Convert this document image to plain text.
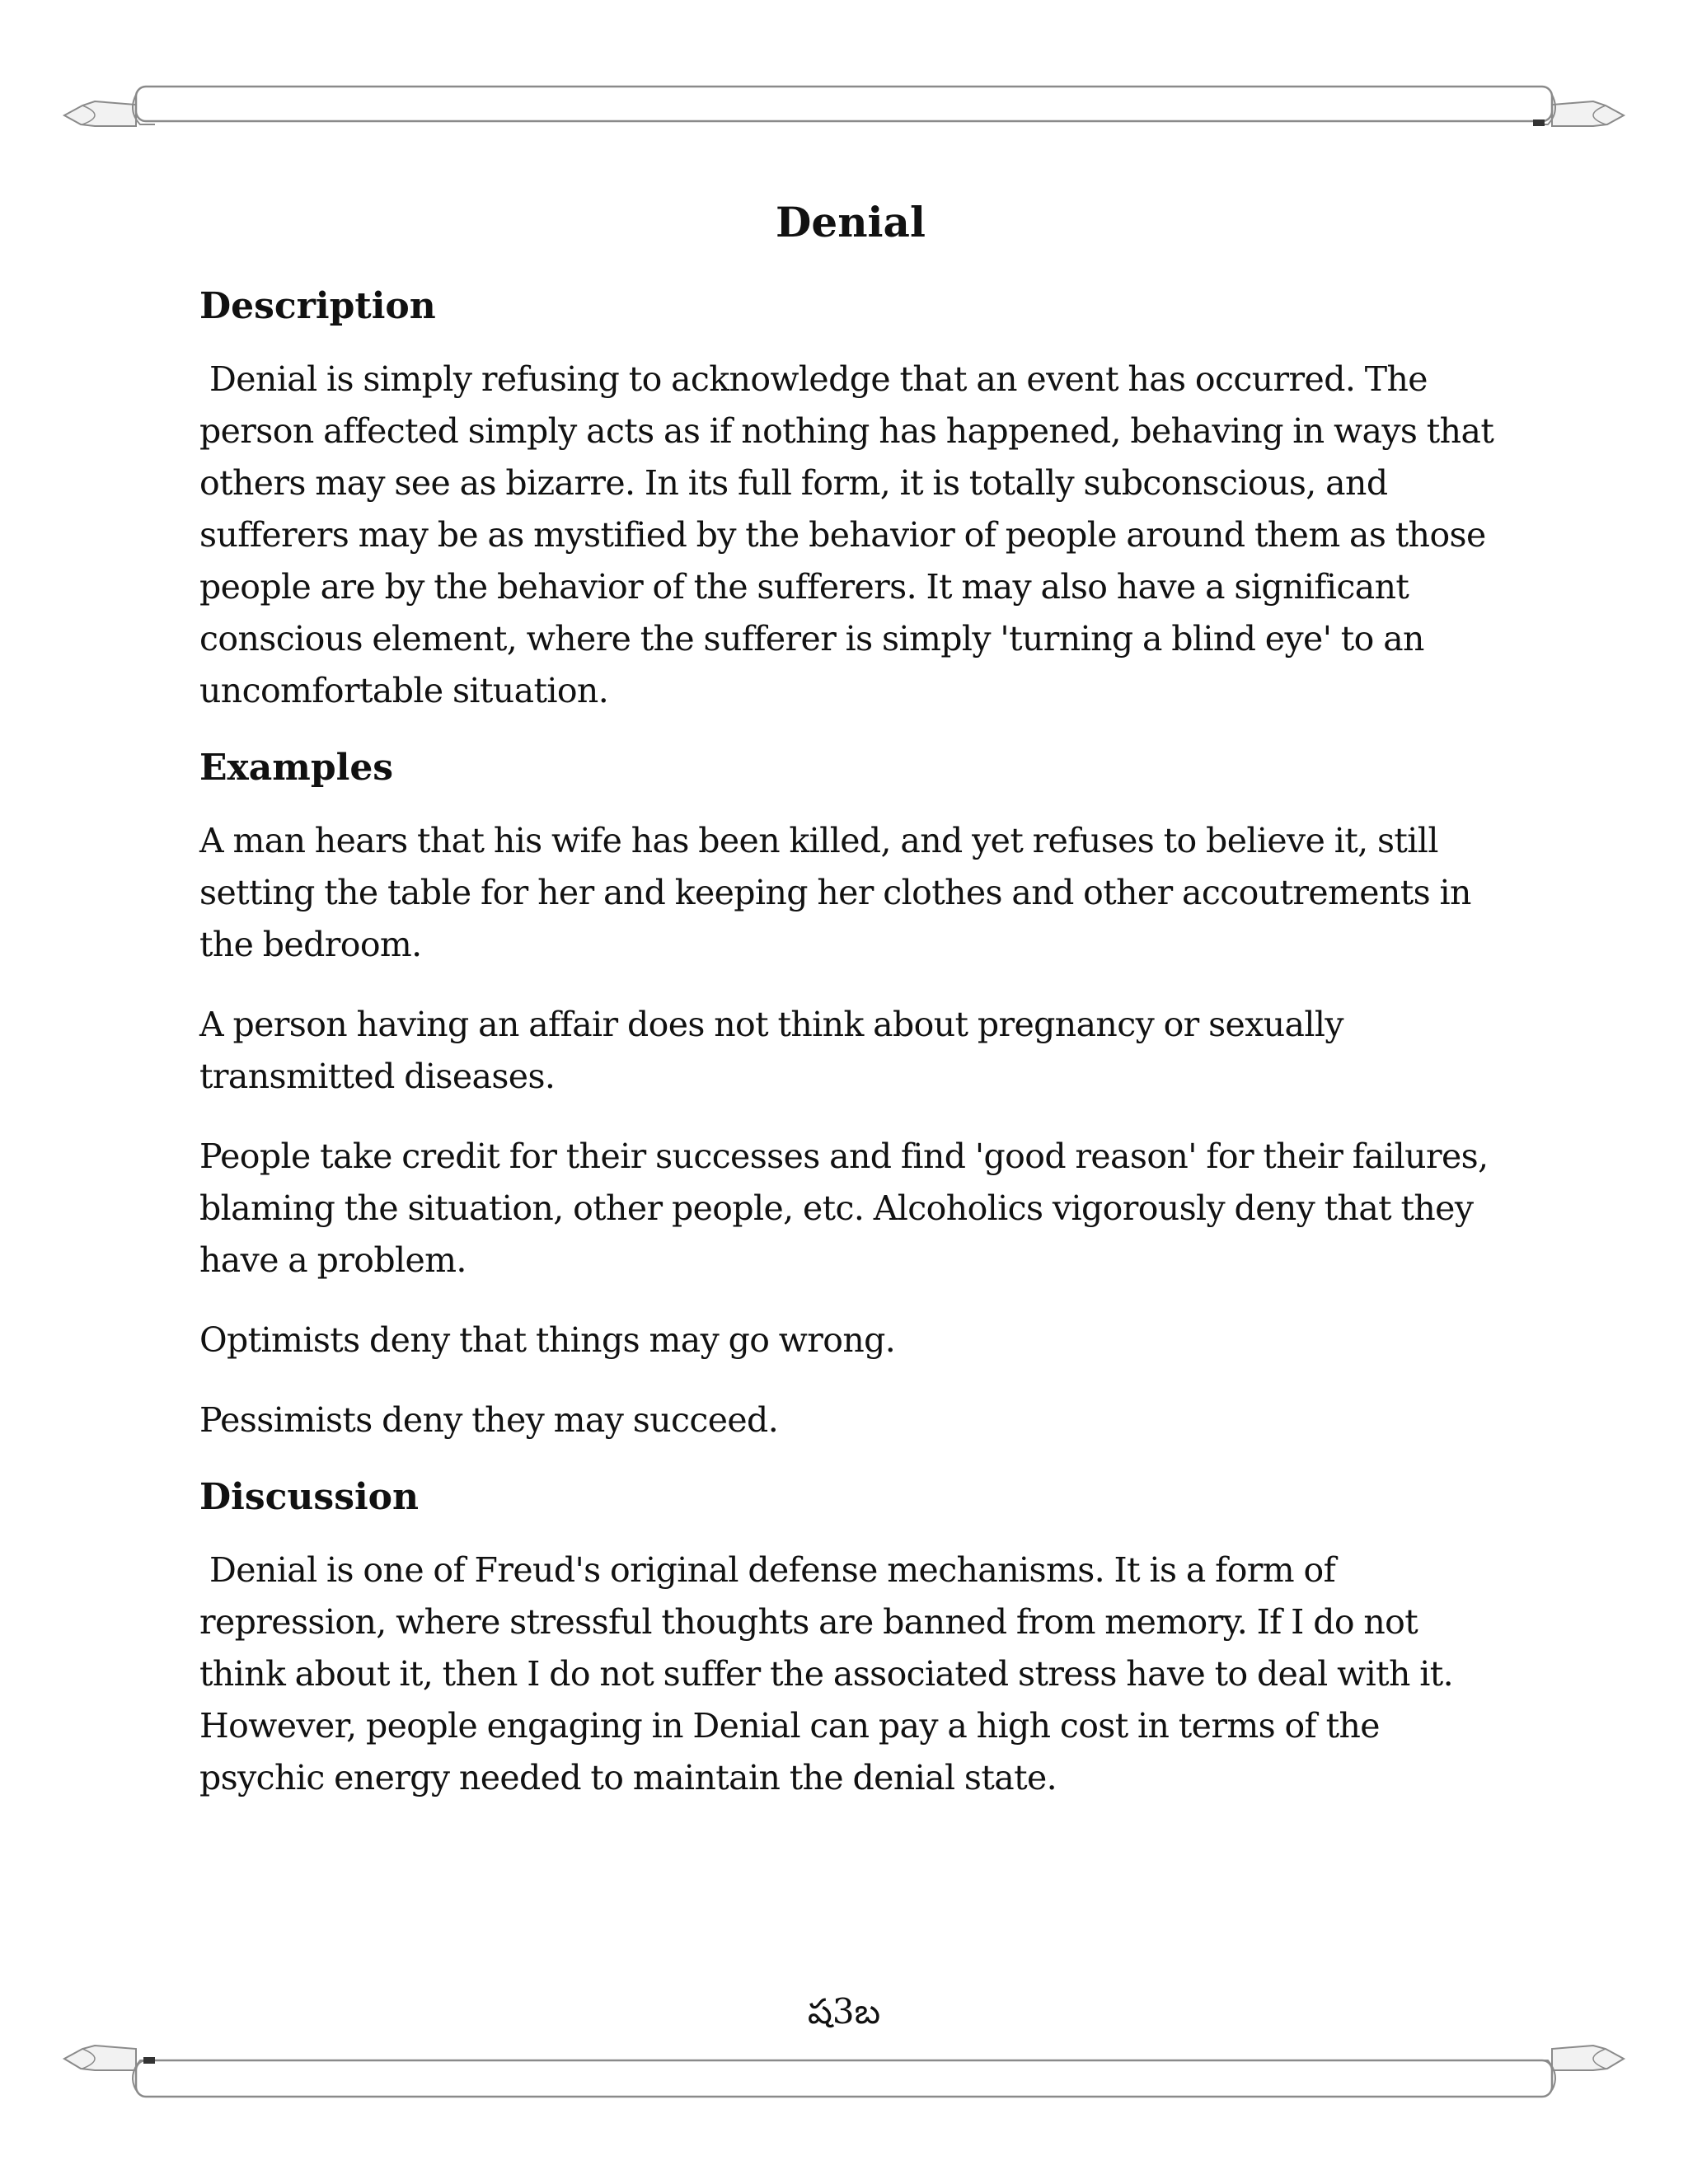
Denial
Description

Denial is simply refusing to acknowledge that an event has occurred. The person affected simply acts as if nothing has happened, behaving in ways that others may see as bizarre. In its full form, it is totally subconscious, and sufferers may be as mystified by the behavior of people around them as those people are by the behavior of the sufferers. It may also have a significant conscious element, where the sufferer is simply 'turning a blind eye' to an uncomfortable situation.

Examples

A man hears that his wife has been killed, and yet refuses to believe it, still setting the table for her and keeping her clothes and other accoutrements in the bedroom.

A person having an affair does not think about pregnancy or sexually transmitted diseases.

People take credit for their successes and find 'good reason' for their failures, blaming the situation, other people, etc. Alcoholics vigorously deny that they have a problem.

Optimists deny that things may go wrong.

Pessimists deny they may succeed.

Discussion

Denial is one of Freud's original defense mechanisms. It is a form of repression, where stressful thoughts are banned from memory. If I do not think about it, then I do not suffer the associated stress have to deal with it. However, people engaging in Denial can pay a high cost in terms of the psychic energy needed to maintain the denial state.

ష3బ
